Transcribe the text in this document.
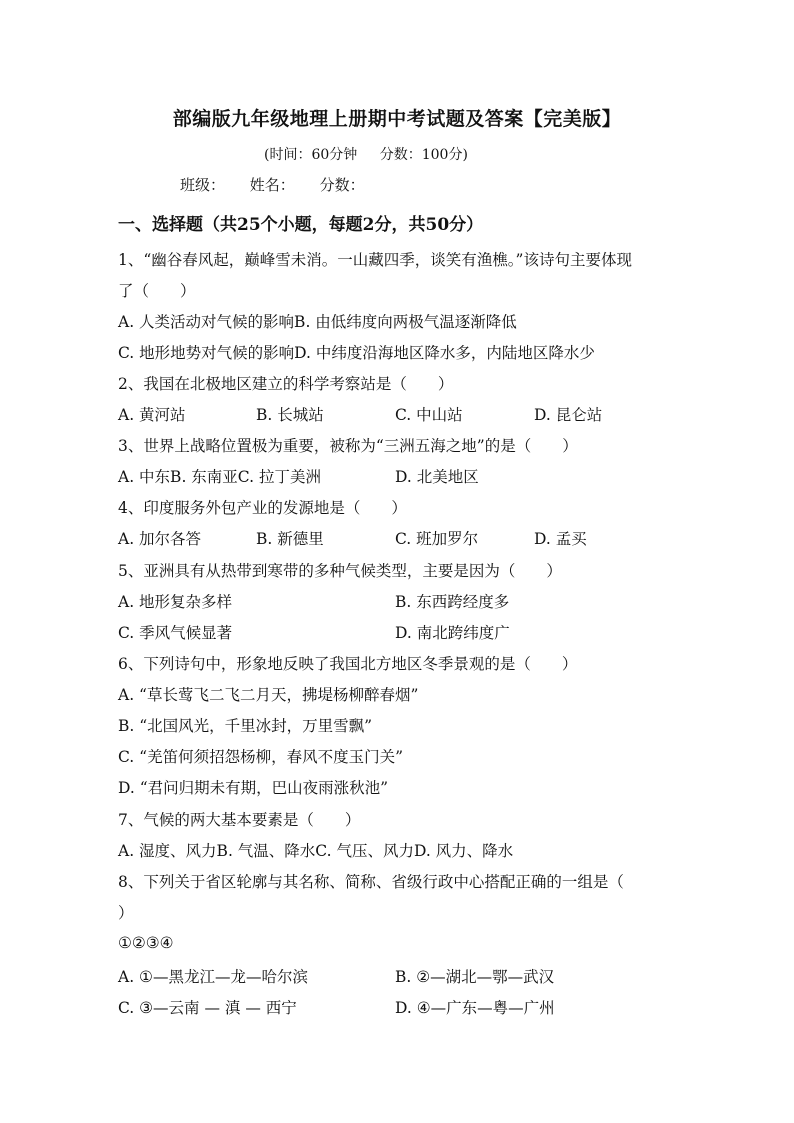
部编版九年级地理上册期中考试题及答案【完美版】
(时间：60分钟 分数：100分)
班级： 姓名： 分数：
一、选择题（共25个小题，每题2分，共50分）
1、“幽谷春风起，巅峰雪未消。一山藏四季，谈笑有渔樵。”该诗句主要体现
了（　　）
A. 人类活动对气候的影响B. 由低纬度向两极气温逐渐降低
C. 地形地势对气候的影响D. 中纬度沿海地区降水多，内陆地区降水少
2、我国在北极地区建立的科学考察站是（　　）
A. 黄河站	B. 长城站	C. 中山站	D. 昆仑站
3、世界上战略位置极为重要，被称为“三洲五海之地”的是（　　）
A. 中东B. 东南亚C. 拉丁美洲	D. 北美地区
4、印度服务外包产业的发源地是（　　）
A. 加尔各答	B. 新德里	C. 班加罗尔	D. 孟买
5、亚洲具有从热带到寒带的多种气候类型，主要是因为（　　）
A. 地形复杂多样	B. 东西跨经度多
C. 季风气候显著	D. 南北跨纬度广
6、下列诗句中，形象地反映了我国北方地区冬季景观的是（　　）
A. “草长莺飞二飞二月天，拂堤杨柳醉春烟”
B. “北国风光，千里冰封，万里雪飘”
C. “羌笛何须招怨杨柳，春风不度玉门关”
D. “君问归期未有期，巴山夜雨涨秋池”
7、气候的两大基本要素是（　　）
A. 湿度、风力B. 气温、降水C. 气压、风力D. 风力、降水
8、下列关于省区轮廓与其名称、简称、省级行政中心搭配正确的一组是（
）
①②③④
A. ①—黑龙江—龙—哈尔滨	B. ②—湖北—鄂—武汉
C. ③—云南 — 滇 — 西宁	D. ④—广东—粤—广州
